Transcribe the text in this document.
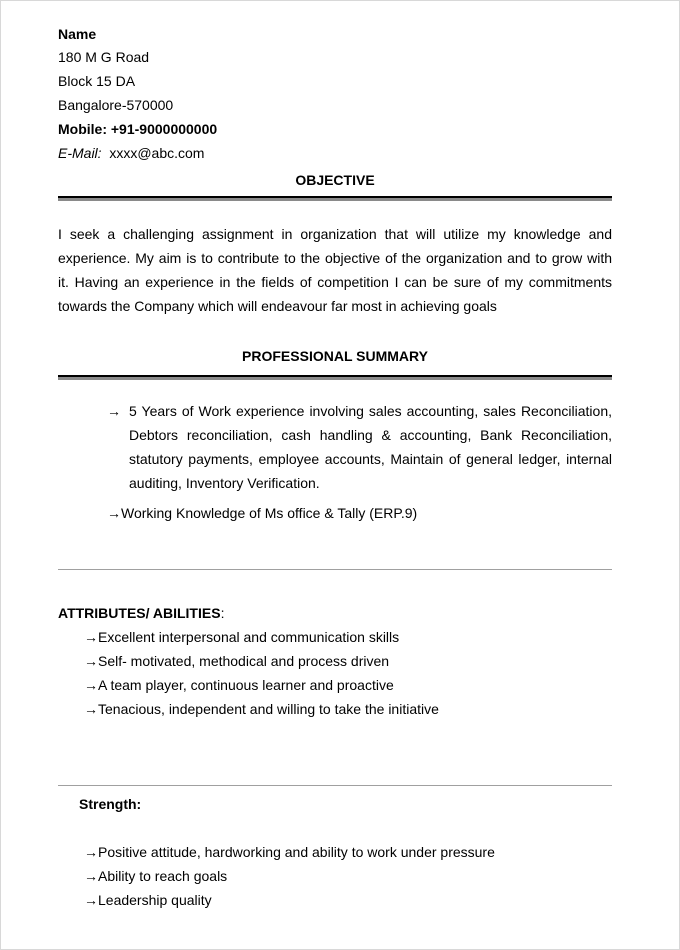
Name
180 M G Road
Block 15 DA
Bangalore-570000
Mobile: +91-9000000000
E-Mail: xxxx@abc.com
OBJECTIVE
I seek a challenging assignment in organization that will utilize my knowledge and experience. My aim is to contribute to the objective of the organization and to grow with it. Having an experience in the fields of competition I can be sure of my commitments towards the Company which will endeavour far most in achieving goals
PROFESSIONAL SUMMARY
→ 5 Years of Work experience involving sales accounting, sales Reconciliation, Debtors reconciliation, cash handling & accounting, Bank Reconciliation, statutory payments, employee accounts, Maintain of general ledger, internal auditing, Inventory Verification.
→Working Knowledge of Ms office & Tally (ERP.9)
ATTRIBUTES/ ABILITIES:
→Excellent interpersonal and communication skills
→Self- motivated, methodical and process driven
→A team player, continuous learner and proactive
→Tenacious, independent and willing to take the initiative
Strength:
→Positive attitude, hardworking and ability to work under pressure
→Ability to reach goals
→Leadership quality
